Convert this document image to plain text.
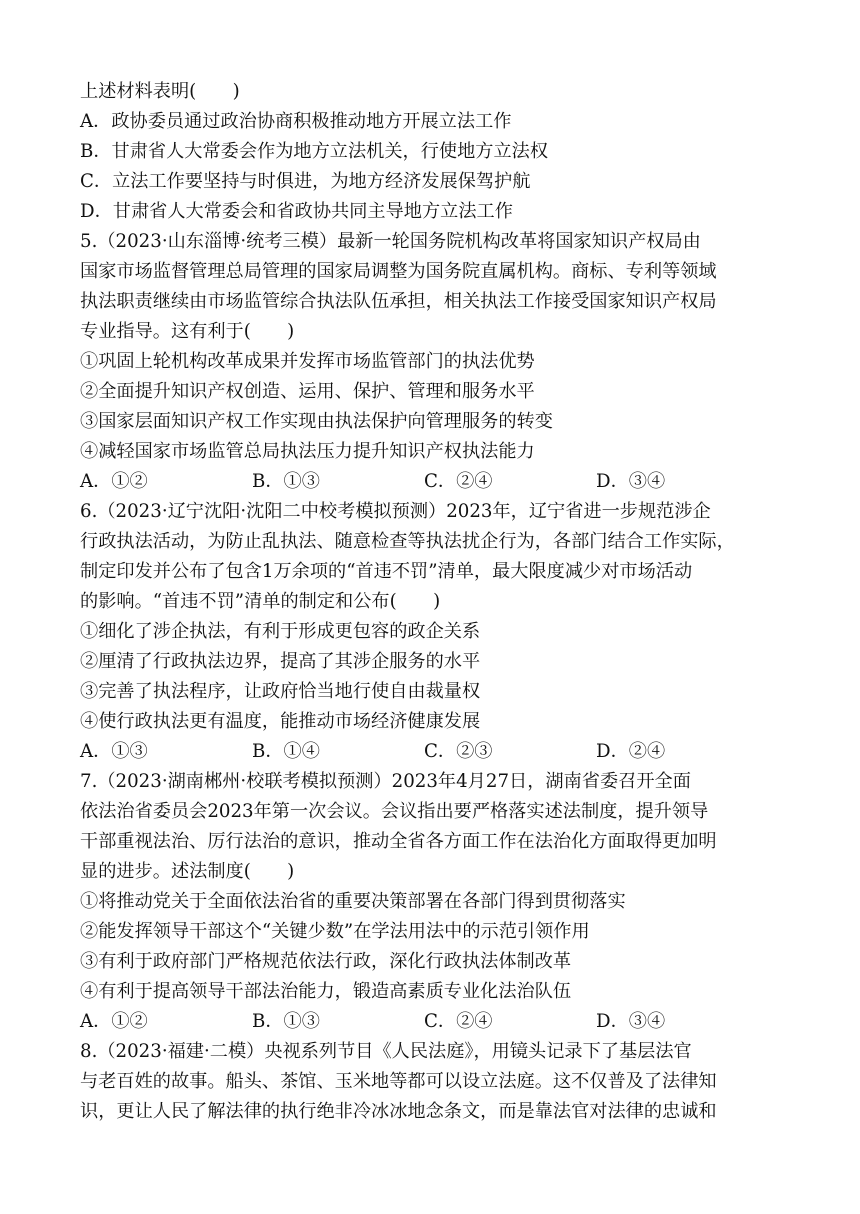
上述材料表明(　　)
A．政协委员通过政治协商积极推动地方开展立法工作
B．甘肃省人大常委会作为地方立法机关，行使地方立法权
C．立法工作要坚持与时俱进，为地方经济发展保驾护航
D．甘肃省人大常委会和省政协共同主导地方立法工作
5.（2023·山东淄博·统考三模）最新一轮国务院机构改革将国家知识产权局由
国家市场监督管理总局管理的国家局调整为国务院直属机构。商标、专利等领域
执法职责继续由市场监管综合执法队伍承担，相关执法工作接受国家知识产权局
专业指导。这有利于(　　)
①巩固上轮机构改革成果并发挥市场监管部门的执法优势
②全面提升知识产权创造、运用、保护、管理和服务水平
③国家层面知识产权工作实现由执法保护向管理服务的转变
④减轻国家市场监管总局执法压力提升知识产权执法能力
A．①②	B．①③	C．②④	D．③④
6.（2023·辽宁沈阳·沈阳二中校考模拟预测）2023年，辽宁省进一步规范涉企
行政执法活动，为防止乱执法、随意检查等执法扰企行为，各部门结合工作实际，
制定印发并公布了包含1万余项的“首违不罚”清单，最大限度减少对市场活动
的影响。“首违不罚”清单的制定和公布(　　)
①细化了涉企执法，有利于形成更包容的政企关系
②厘清了行政执法边界，提高了其涉企服务的水平
③完善了执法程序，让政府恰当地行使自由裁量权
④使行政执法更有温度，能推动市场经济健康发展
A．①③	B．①④	C．②③	D．②④
7.（2023·湖南郴州·校联考模拟预测）2023年4月27日，湖南省委召开全面
依法治省委员会2023年第一次会议。会议指出要严格落实述法制度，提升领导
干部重视法治、厉行法治的意识，推动全省各方面工作在法治化方面取得更加明
显的进步。述法制度(　　)
①将推动党关于全面依法治省的重要决策部署在各部门得到贯彻落实
②能发挥领导干部这个“关键少数”在学法用法中的示范引领作用
③有利于政府部门严格规范依法行政，深化行政执法体制改革
④有利于提高领导干部法治能力，锻造高素质专业化法治队伍
A．①②	B．①③	C．②④	D．③④
8.（2023·福建·二模）央视系列节目《人民法庭》，用镜头记录下了基层法官
与老百姓的故事。船头、茶馆、玉米地等都可以设立法庭。这不仅普及了法律知
识，更让人民了解法律的执行绝非冷冰冰地念条文，而是靠法官对法律的忠诚和
